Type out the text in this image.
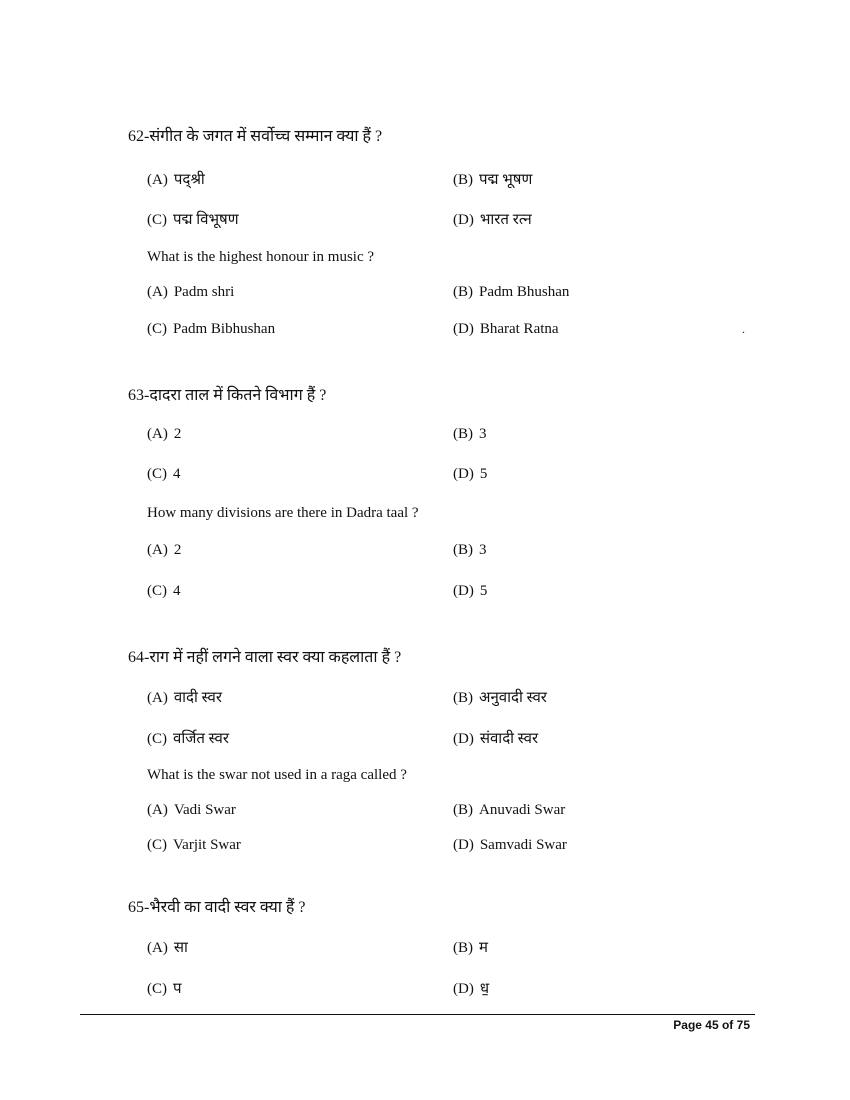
62-संगीत के जगत में सर्वोच्च सम्मान क्या हैं ?
(A) पद्श्री	(B) पद्म भूषण
(C) पद्म विभूषण	(D) भारत रत्न
What is the highest honour in music ?
(A) Padm shri	(B) Padm Bhushan
(C) Padm Bibhushan	(D) Bharat Ratna	.
63-दादरा ताल में कितने विभाग हैं ?
(A) 2	(B) 3
(C) 4	(D) 5
How many divisions are there in Dadra taal ?
(A) 2	(B) 3
(C) 4	(D) 5
64-राग में नहीं लगने वाला स्वर क्या कहलाता हैं ?
(A) वादी स्वर	(B) अनुवादी स्वर
(C) वर्जित स्वर	(D) संवादी स्वर
What is the swar not used in a raga called ?
(A) Vadi Swar	(B) Anuvadi Swar
(C) Varjit Swar	(D) Samvadi Swar
65-भैरवी का वादी स्वर क्या हैं ?
(A) सा	(B) म
(C) प	(D) ध॒
Page 45 of 75
